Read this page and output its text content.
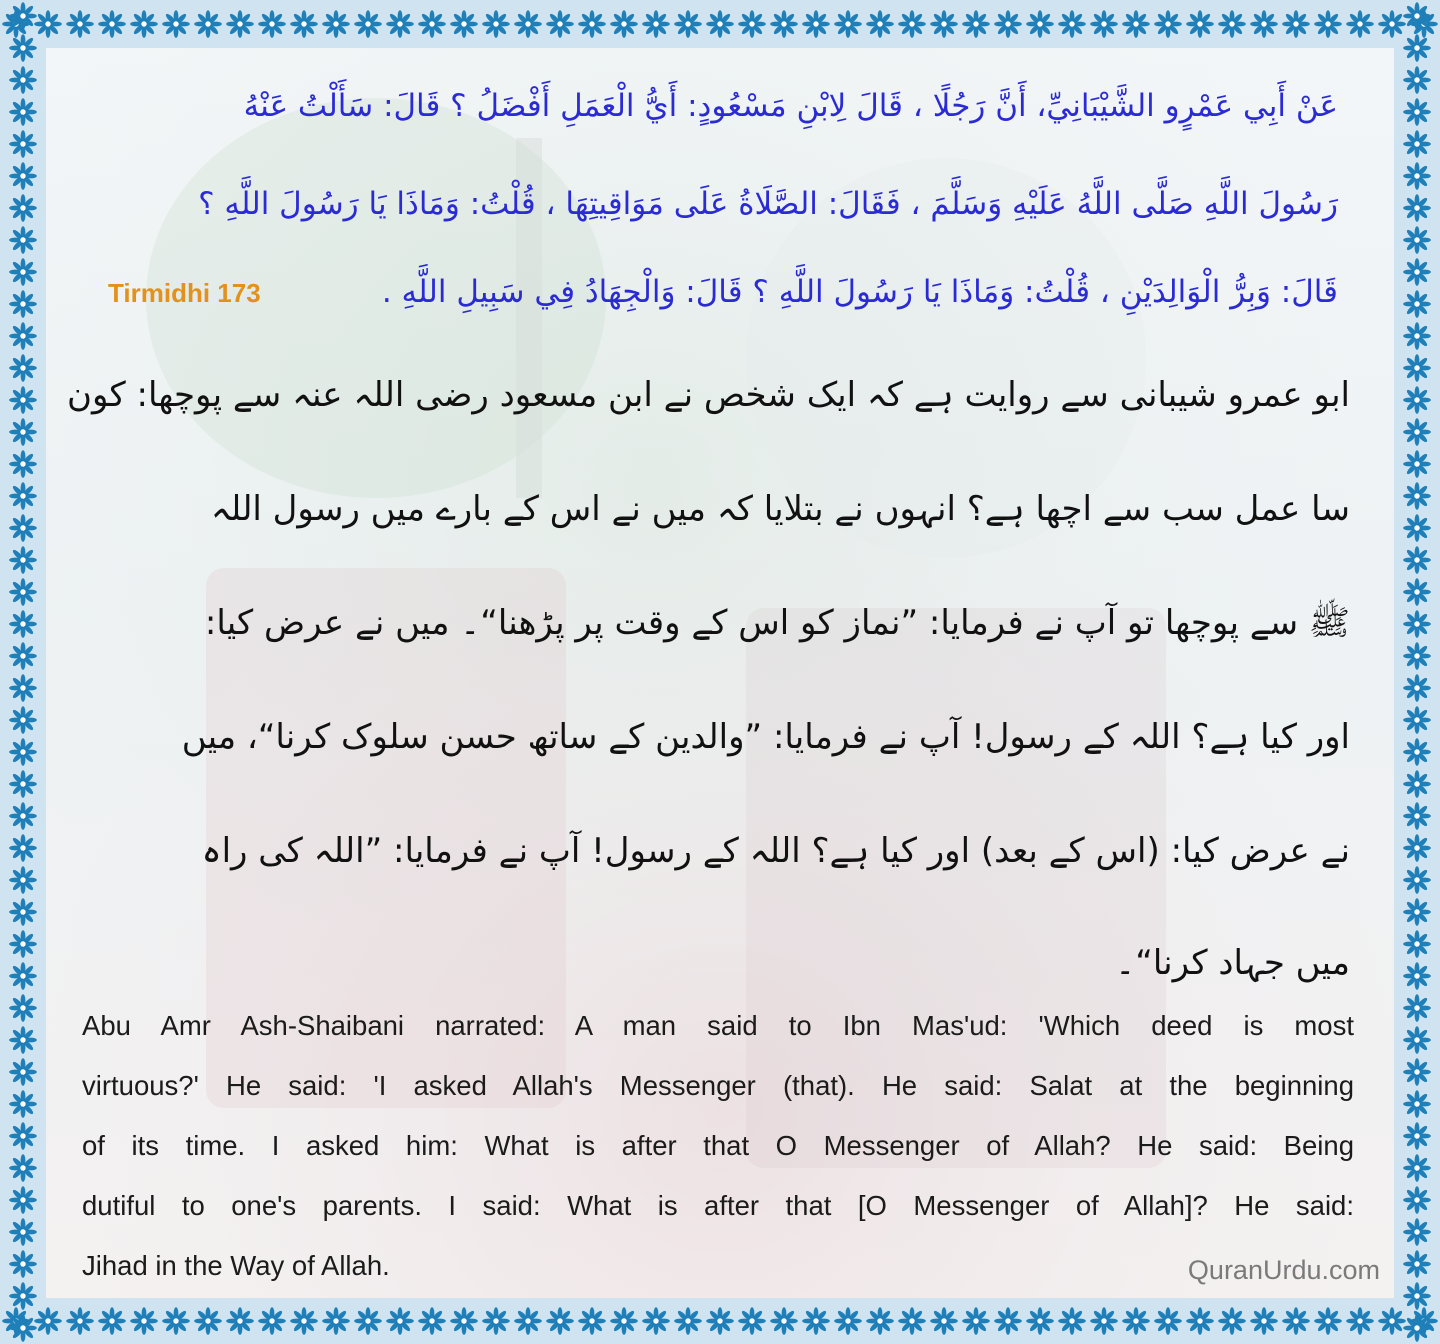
عَنْ أَبِي عَمْرٍو الشَّيْبَانِيِّ، أَنَّ رَجُلًا ، قَالَ لِابْنِ مَسْعُودٍ: أَيُّ الْعَمَلِ أَفْضَلُ ؟ قَالَ: سَأَلْتُ عَنْهُ
رَسُولَ اللَّهِ صَلَّى اللَّهُ عَلَيْهِ وَسَلَّمَ ، فَقَالَ: الصَّلَاةُ عَلَى مَوَاقِيتِهَا ، قُلْتُ: وَمَاذَا يَا رَسُولَ اللَّهِ ؟
قَالَ: وَبِرُّ الْوَالِدَيْنِ ، قُلْتُ: وَمَاذَا يَا رَسُولَ اللَّهِ ؟ قَالَ: وَالْجِهَادُ فِي سَبِيلِ اللَّهِ .
Tirmidhi 173
ابو عمرو شیبانی سے روایت ہے کہ ایک شخص نے ابن مسعود رضی اللہ عنہ سے پوچھا: کون
سا عمل سب سے اچھا ہے؟ انہوں نے بتلایا کہ میں نے اس کے بارے میں رسول اللہ
ﷺ سے پوچھا تو آپ نے فرمایا: ”نماز کو اس کے وقت پر پڑھنا“۔ میں نے عرض کیا:
اور کیا ہے؟ اللہ کے رسول! آپ نے فرمایا: ”والدین کے ساتھ حسن سلوک کرنا“، میں
نے عرض کیا: (اس کے بعد) اور کیا ہے؟ اللہ کے رسول! آپ نے فرمایا: ”اللہ کی راہ
میں جہاد کرنا“۔
Abu Amr Ash-Shaibani narrated: A man said to Ibn Mas'ud: 'Which deed is most
virtuous?' He said: 'I asked Allah's Messenger (that). He said: Salat at the beginning
of its time. I asked him: What is after that O Messenger of Allah? He said: Being
dutiful to one's parents. I said: What is after that [O Messenger of Allah]? He said:
Jihad in the Way of Allah.	QuranUrdu.com
